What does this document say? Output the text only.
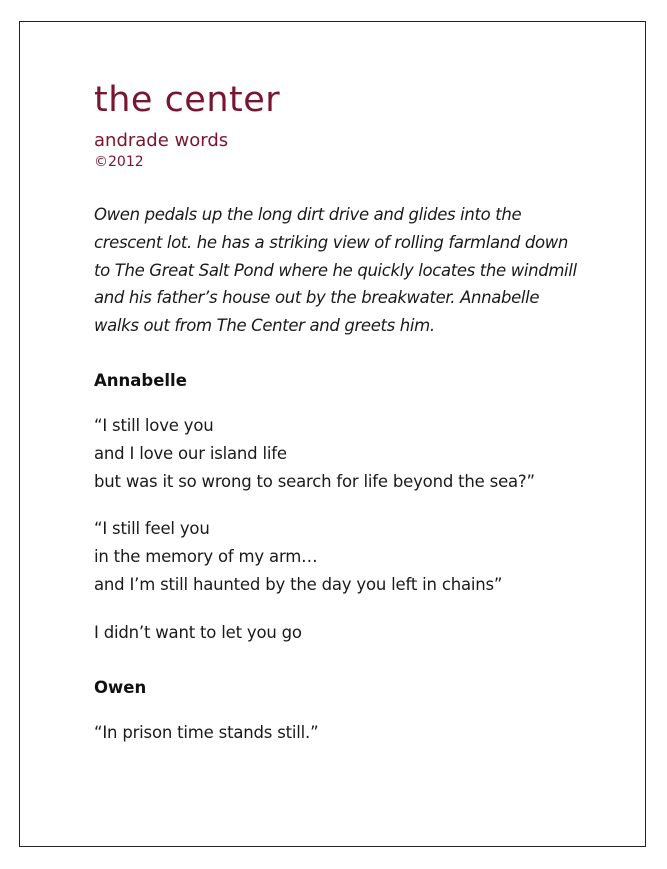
the center
andrade words
©2012

Owen pedals up the long dirt drive and glides into the crescent lot. he has a striking view of rolling farmland down to The Great Salt Pond where he quickly locates the windmill and his father’s house out by the breakwater. Annabelle walks out from The Center and greets him.

Annabelle
“I still love you
and I love our island life
but was it so wrong to search for life beyond the sea?”
“I still feel you
in the memory of my arm…
and I’m still haunted by the day you left in chains”
I didn’t want to let you go
Owen
“In prison time stands still.”
